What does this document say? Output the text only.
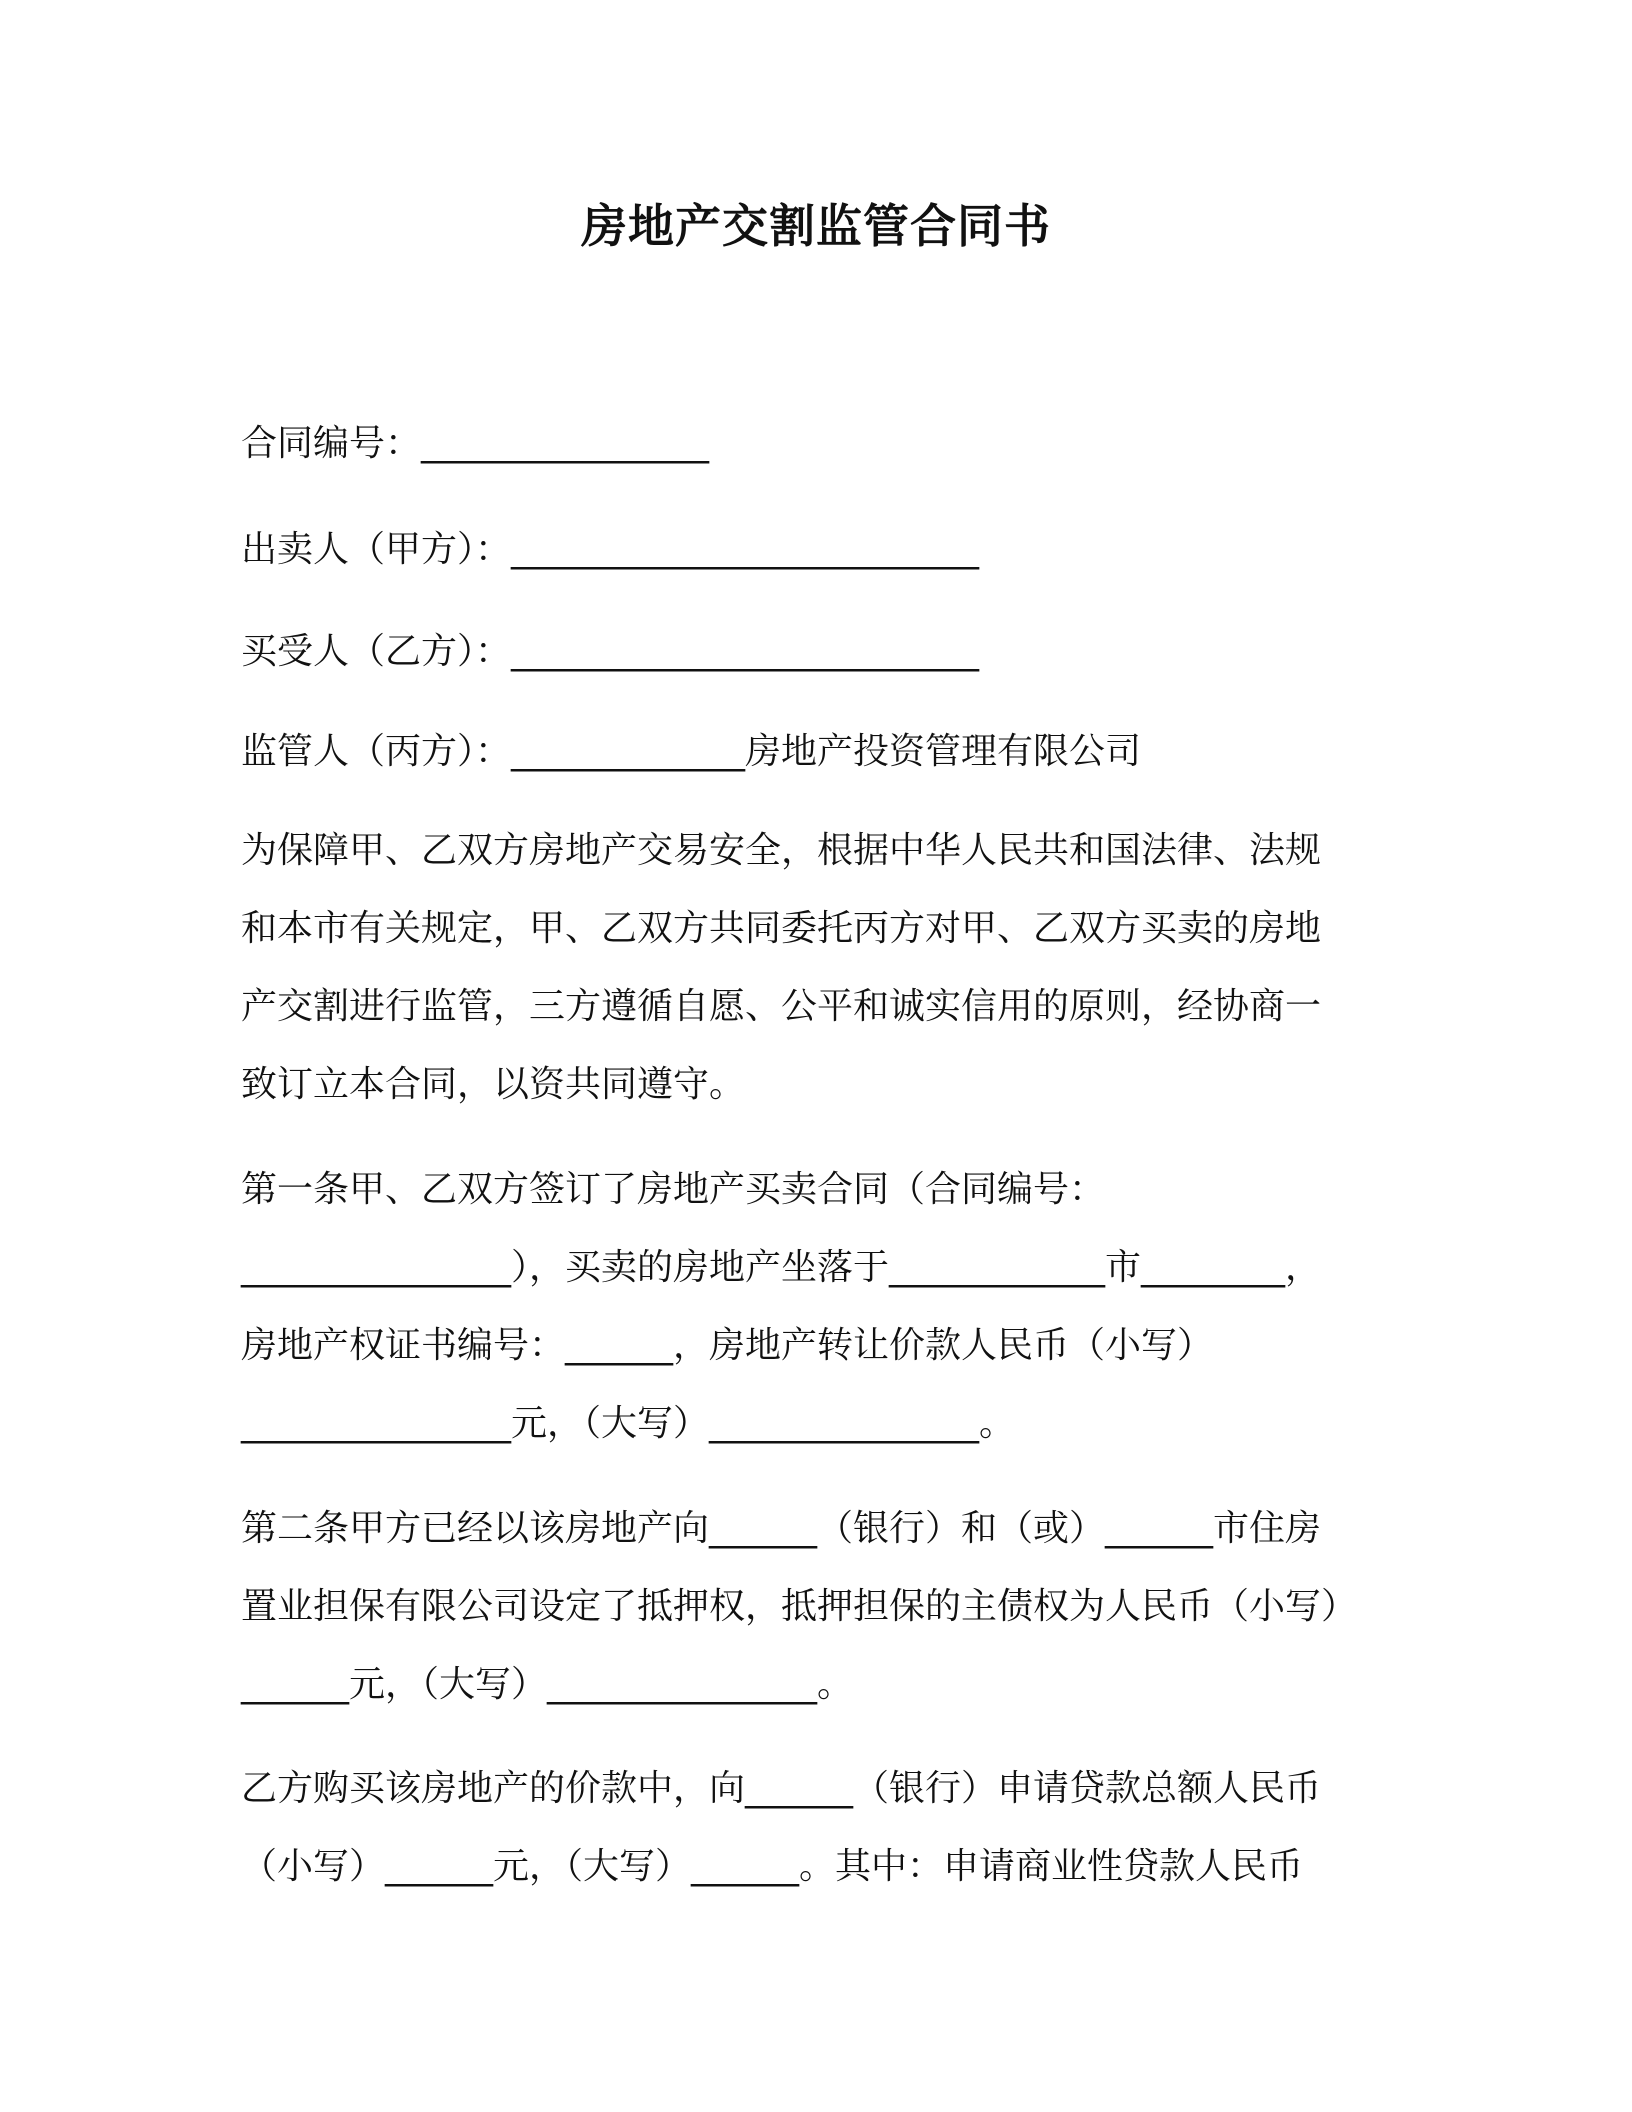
房地产交割监管合同书

合同编号：________________

出卖人（甲方）：__________________________

买受人（乙方）：__________________________

监管人（丙方）：_____________房地产投资管理有限公司

为保障甲、乙双方房地产交易安全，根据中华人民共和国法律、法规
和本市有关规定，甲、乙双方共同委托丙方对甲、乙双方买卖的房地
产交割进行监管，三方遵循自愿、公平和诚实信用的原则，经协商一
致订立本合同，以资共同遵守。
第一条甲、乙双方签订了房地产买卖合同（合同编号：
_______________），买卖的房地产坐落于____________市________，
房地产权证书编号：______，房地产转让价款人民币（小写）
_______________元，（大写）_______________。
第二条甲方已经以该房地产向______（银行）和（或）______市住房
置业担保有限公司设定了抵押权，抵押担保的主债权为人民币（小写）
______元，（大写）_______________。
乙方购买该房地产的价款中，向______（银行）申请贷款总额人民币
（小写）______元，（大写）______。其中：申请商业性贷款人民币
